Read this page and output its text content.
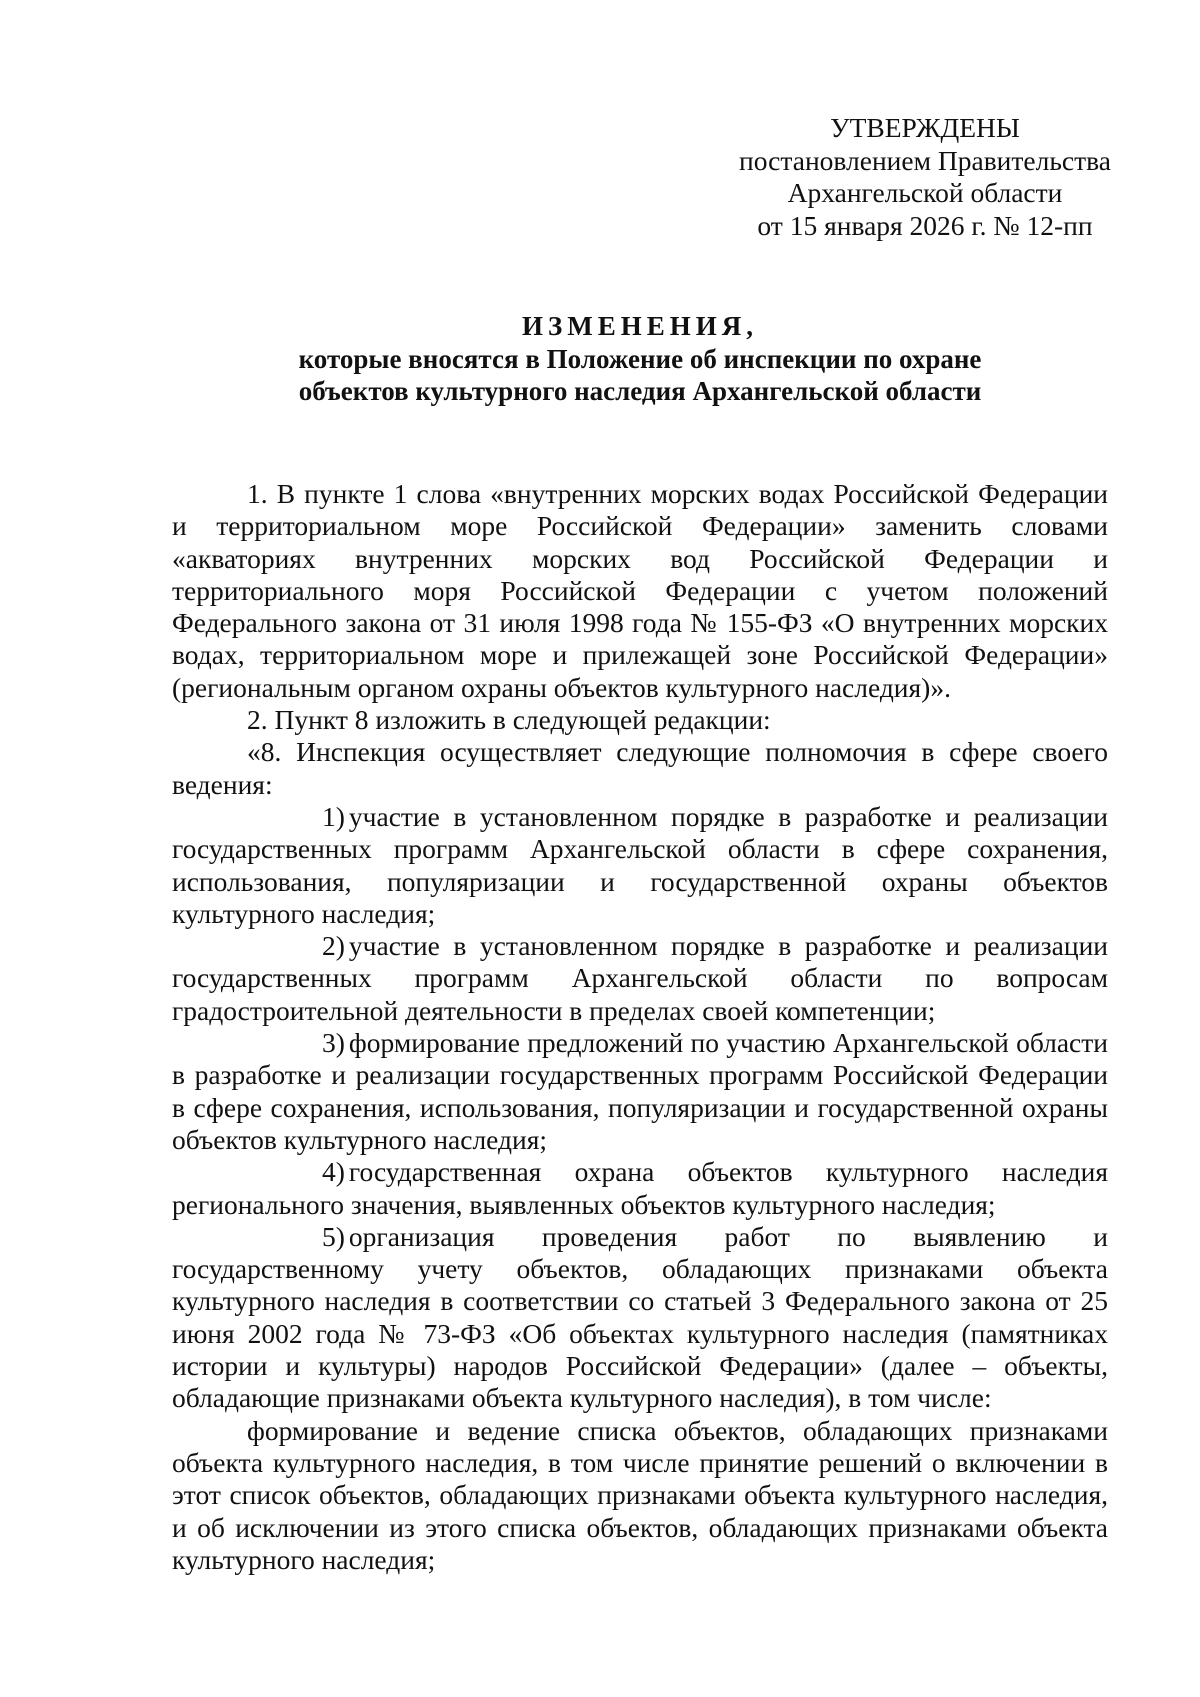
УТВЕРЖДЕНЫ
постановлением Правительства
Архангельской области
от 15 января 2026 г. № 12-пп
ИЗМЕНЕНИЯ,
которые вносятся в Положение об инспекции по охране
объектов культурного наследия Архангельской области

1. В пункте 1 слова «внутренних морских водах Российской Федерации и территориальном море Российской Федерации» заменить словами «акваториях внутренних морских вод Российской Федерации и территориального моря Российской Федерации с учетом положений Федерального закона от 31 июля 1998 года № 155-ФЗ «О внутренних морских водах, территориальном море и прилежащей зоне Российской Федерации» (региональным органом охраны объектов культурного наследия)».

2. Пункт 8 изложить в следующей редакции:

«8. Инспекция осуществляет следующие полномочия в сфере своего ведения:

1) участие в установленном порядке в разработке и реализации государственных программ Архангельской области в сфере сохранения, использования, популяризации и государственной охраны объектов культурного наследия;

2) участие в установленном порядке в разработке и реализации государственных программ Архангельской области по вопросам градостроительной деятельности в пределах своей компетенции;

3) формирование предложений по участию Архангельской области в разработке и реализации государственных программ Российской Федерации в сфере сохранения, использования, популяризации и государственной охраны объектов культурного наследия;

4) государственная охрана объектов культурного наследия регионального значения, выявленных объектов культурного наследия;

5) организация проведения работ по выявлению и государственному учету объектов, обладающих признаками объекта культурного наследия в соответствии со статьей 3 Федерального закона от 25 июня 2002 года № 73-ФЗ «Об объектах культурного наследия (памятниках истории и культуры) народов Российской Федерации» (далее – объекты, обладающие признаками объекта культурного наследия), в том числе:

формирование и ведение списка объектов, обладающих признаками объекта культурного наследия, в том числе принятие решений о включении в этот список объектов, обладающих признаками объекта культурного наследия, и об исключении из этого списка объектов, обладающих признаками объекта культурного наследия;
